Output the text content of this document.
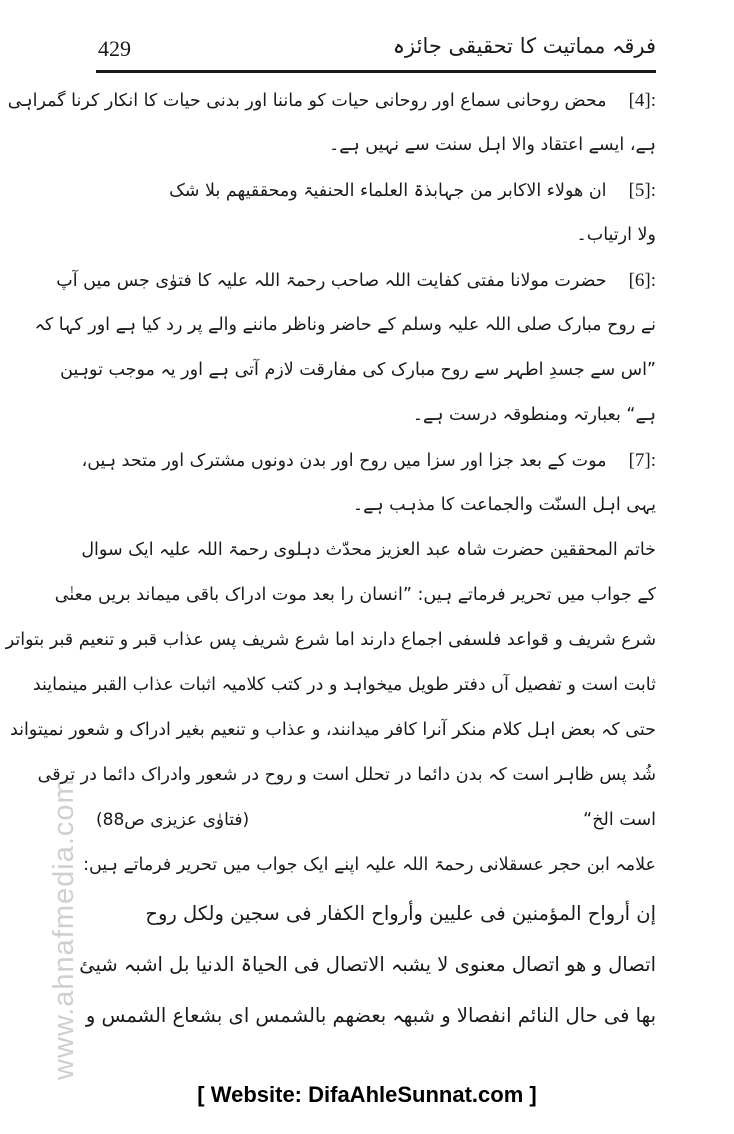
429	فرقہ مماتیت کا تحقیقی جائزہ
www.ahnafmedia.com
[4]:محض روحانی سماع اور روحانی حیات کو ماننا اور بدنی حیات کا انکار کرنا گمراہی
ہے، ایسے اعتقاد والا اہل سنت سے نہیں ہے۔
[5]:ان ھولاء الاکابر من جہابذۃ العلماء الحنفیۃ ومحققیھم بلا شک
ولا ارتیاب۔
[6]:حضرت مولانا مفتی کفایت اللہ صاحب رحمۃ اللہ علیہ کا فتوٰی جس میں آپ
نے روح مبارک صلی اللہ علیہ وسلم کے حاضر وناظر ماننے والے پر رد کیا ہے اور کہا کہ
”اس سے جسدِ اطہر سے روح مبارک کی مفارقت لازم آتی ہے اور یہ موجب توہین
ہے“ بعبارتہ ومنطوقہ درست ہے۔
[7]:موت کے بعد جزا اور سزا میں روح اور بدن دونوں مشترک اور متحد ہیں،
یہی اہل السنّت والجماعت کا مذہب ہے۔
خاتم المحققین حضرت شاہ عبد العزیز محدّث دہلوی رحمۃ اللہ علیہ ایک سوال
کے جواب میں تحریر فرماتے ہیں: ”انسان را بعد موت ادراک باقی میماند بریں معنٰی
شرع شریف و قواعد فلسفی اجماع دارند اما شرع شریف پس عذاب قبر و تنعیم قبر بتواتر
ثابت است و تفصیل آں دفتر طویل میخواہد و در کتب کلامیہ اثبات عذاب القبر مینمایند
حتی کہ بعض اہل کلام منکر آنرا کافر میدانند، و عذاب و تنعیم بغیر ادراک و شعور نمیتواند
شُد پس ظاہر است کہ بدن دائما در تحلل است و روح در شعور وادراک دائما در ترقی
است الخ“
(فتاوٰی عزیزی ص88)
علامہ ابن حجر عسقلانی رحمۃ اللہ علیہ اپنے ایک جواب میں تحریر فرماتے ہیں:
إن أرواح المؤمنين فی علیین وأرواح الکفار فی سجین ولکل روح
اتصال و ھو اتصال معنوی لا یشبہ الاتصال فی الحیاۃ الدنیا بل اشبہ شیئ
بھا فی حال النائم انفصالا و شبھہ بعضھم بالشمس ای بشعاع الشمس و
[ Website: DifaAhleSunnat.com ]
